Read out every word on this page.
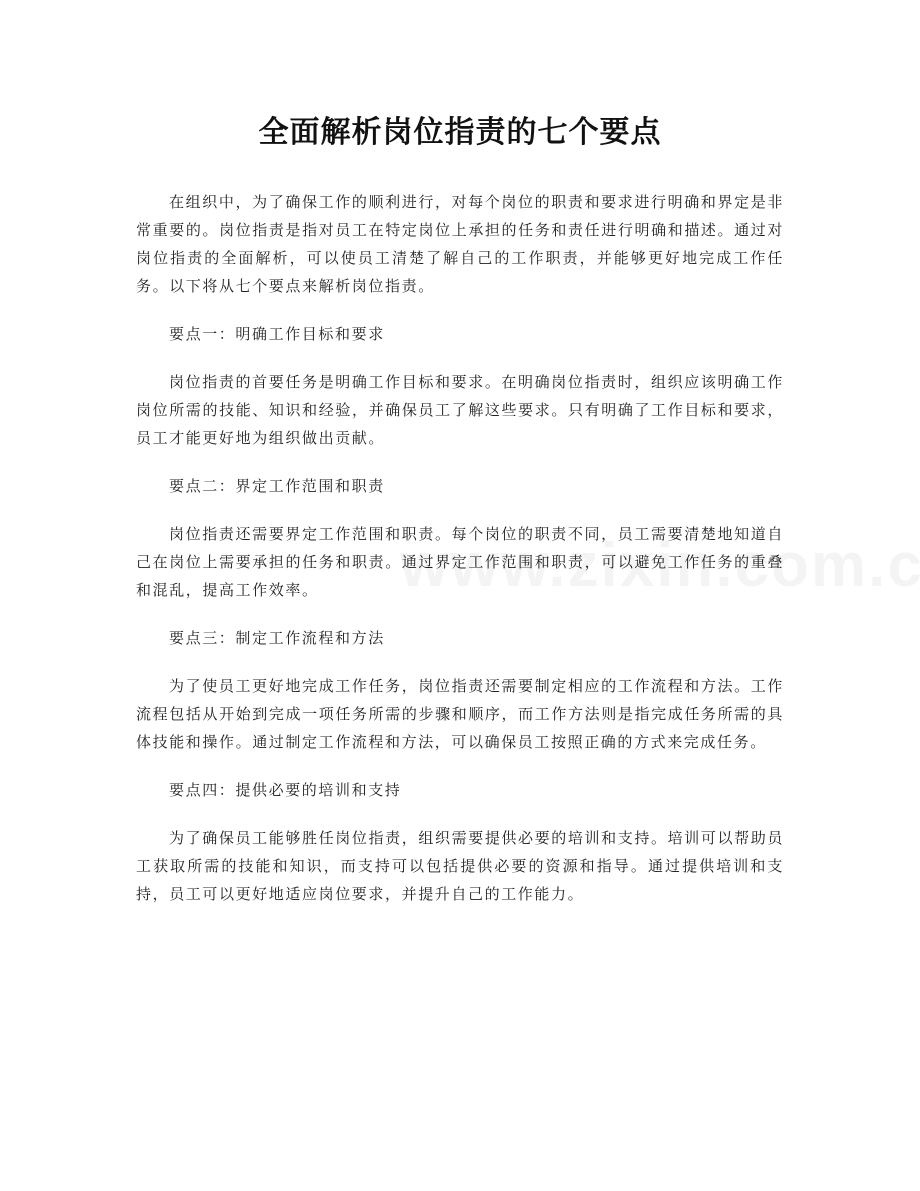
全面解析岗位指责的七个要点

在组织中，为了确保工作的顺利进行，对每个岗位的职责和要求进行明确和界定是非常重要的。岗位指责是指对员工在特定岗位上承担的任务和责任进行明确和描述。通过对岗位指责的全面解析，可以使员工清楚了解自己的工作职责，并能够更好地完成工作任务。以下将从七个要点来解析岗位指责。

要点一：明确工作目标和要求

岗位指责的首要任务是明确工作目标和要求。在明确岗位指责时，组织应该明确工作岗位所需的技能、知识和经验，并确保员工了解这些要求。只有明确了工作目标和要求，员工才能更好地为组织做出贡献。

要点二：界定工作范围和职责

岗位指责还需要界定工作范围和职责。每个岗位的职责不同，员工需要清楚地知道自己在岗位上需要承担的任务和职责。通过界定工作范围和职责，可以避免工作任务的重叠和混乱，提高工作效率。

要点三：制定工作流程和方法

为了使员工更好地完成工作任务，岗位指责还需要制定相应的工作流程和方法。工作流程包括从开始到完成一项任务所需的步骤和顺序，而工作方法则是指完成任务所需的具体技能和操作。通过制定工作流程和方法，可以确保员工按照正确的方式来完成任务。

要点四：提供必要的培训和支持

为了确保员工能够胜任岗位指责，组织需要提供必要的培训和支持。培训可以帮助员工获取所需的技能和知识，而支持可以包括提供必要的资源和指导。通过提供培训和支持，员工可以更好地适应岗位要求，并提升自己的工作能力。
